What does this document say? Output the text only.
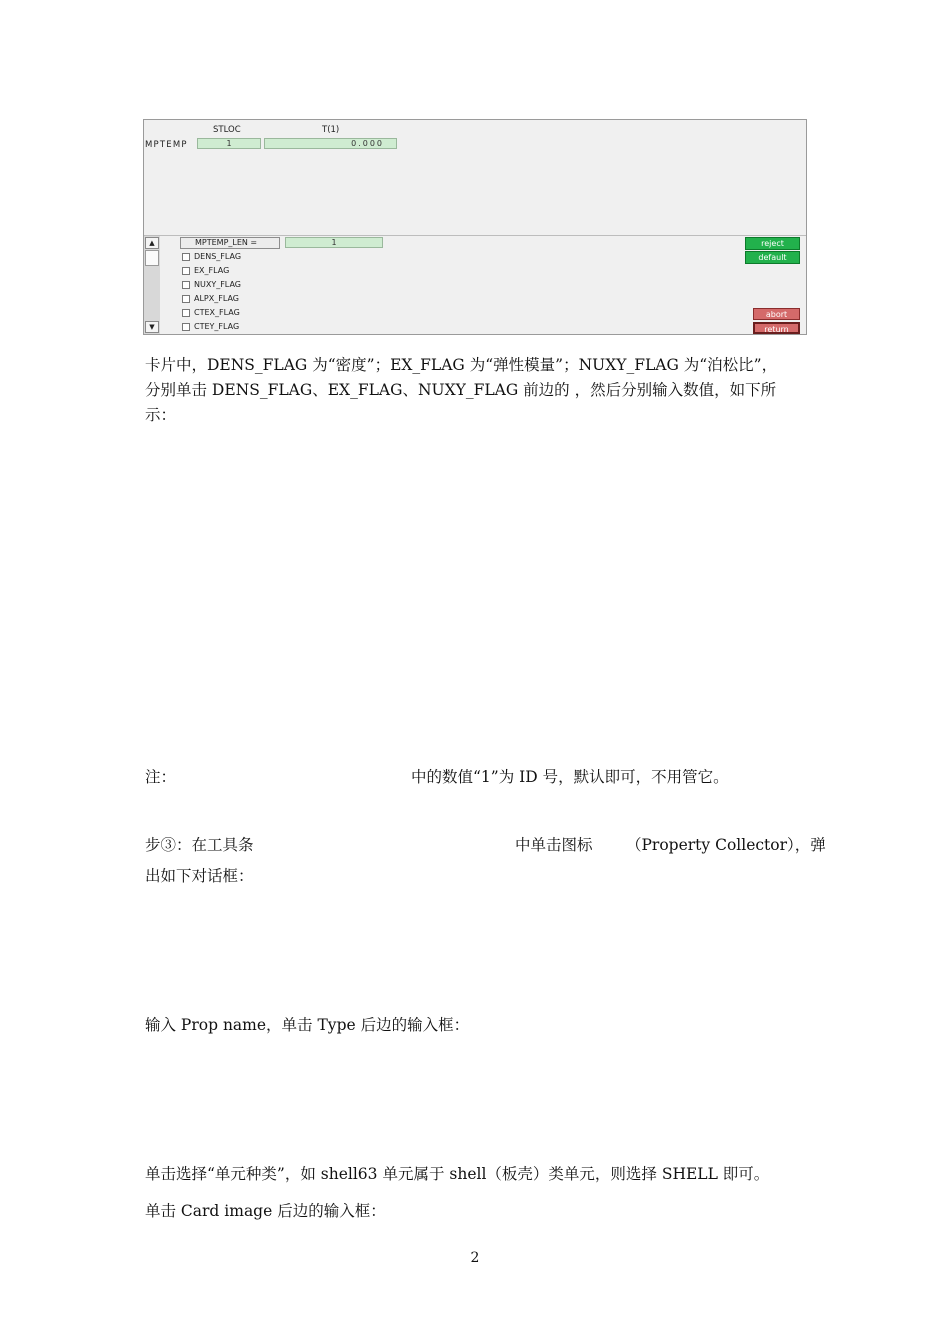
STLOC	T(1)
MPTEMP	1	0.000
▲
▼
MPTEMP_LEN =	1
DENS_FLAG
EX_FLAG
NUXY_FLAG
ALPX_FLAG
CTEX_FLAG
CTEY_FLAG
reject
default
abort
return
卡片中，DENS_FLAG 为“密度”；EX_FLAG 为“弹性模量”；NUXY_FLAG 为“泊松比”，
分别单击 DENS_FLAG、EX_FLAG、NUXY_FLAG 前边的 ，然后分别输入数值，如下所
示：
注：	中的数值“1”为 ID 号，默认即可，不用管它。
步③：在工具条	中单击图标 （Property Collector），弹
出如下对话框：
输入 Prop name，单击 Type 后边的输入框：
单击选择“单元种类”，如 shell63 单元属于 shell（板壳）类单元，则选择 SHELL 即可。
单击 Card image 后边的输入框：
2
